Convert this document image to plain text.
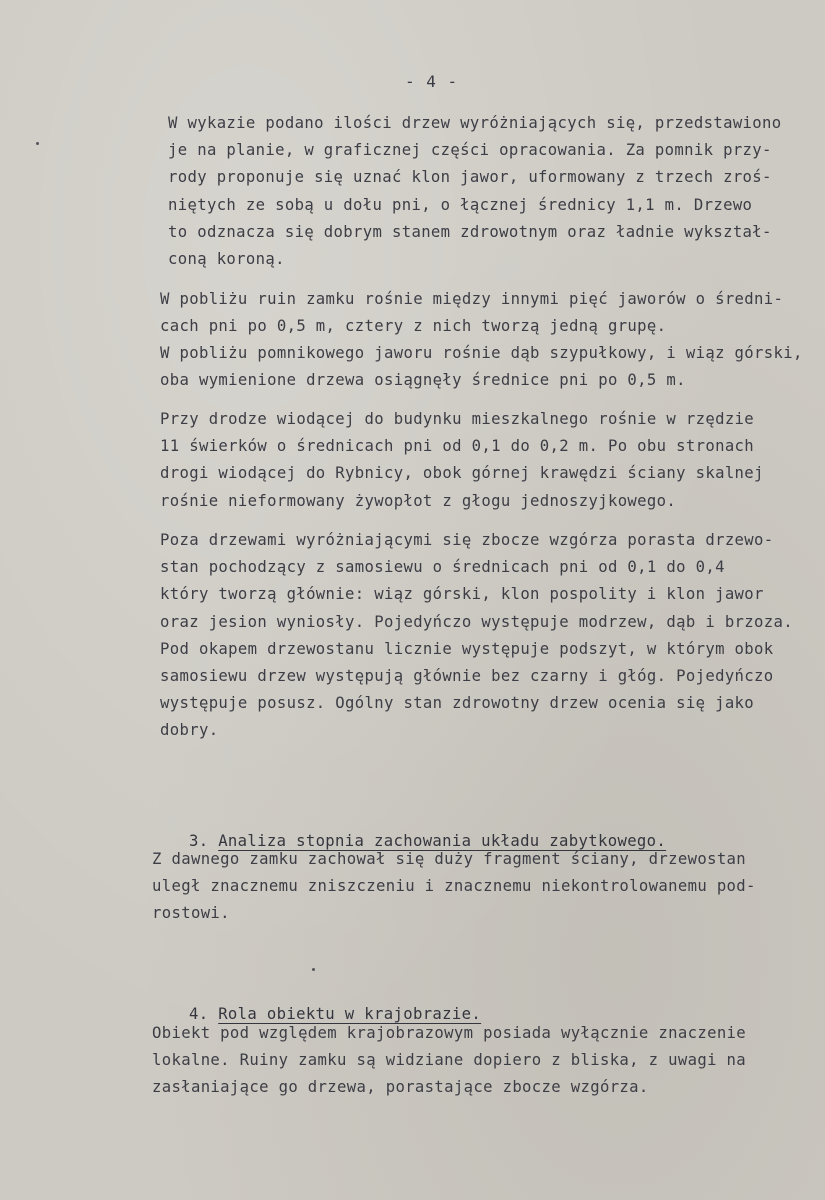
- 4 -
W wykazie podano ilości drzew wyróżniających się, przedstawiono
je na planie, w graficznej części opracowania. Za pomnik przy-
rody proponuje się uznać klon jawor, uformowany z trzech zroś-
niętych ze sobą u dołu pni, o łącznej średnicy 1,1 m. Drzewo
to odznacza się dobrym stanem zdrowotnym oraz ładnie wykształ-
coną koroną.
W pobliżu ruin zamku rośnie między innymi pięć jaworów o średni-
cach pni po 0,5 m, cztery z nich tworzą jedną grupę.
W pobliżu pomnikowego jaworu rośnie dąb szypułkowy, i wiąz górski,
oba wymienione drzewa osiągnęły średnice pni po 0,5 m.
Przy drodze wiodącej do budynku mieszkalnego rośnie w rzędzie
11 świerków o średnicach pni od 0,1 do 0,2 m. Po obu stronach
drogi wiodącej do Rybnicy, obok górnej krawędzi ściany skalnej
rośnie nieformowany żywopłot z głogu jednoszyjkowego.
Poza drzewami wyróżniającymi się zbocze wzgórza porasta drzewo-
stan pochodzący z samosiewu o średnicach pni od 0,1 do 0,4
który tworzą głównie: wiąz górski, klon pospolity i klon jawor
oraz jesion wyniosły. Pojedyńczo występuje modrzew, dąb i brzoza.
Pod okapem drzewostanu licznie występuje podszyt, w którym obok
samosiewu drzew występują głównie bez czarny i głóg. Pojedyńczo
występuje posusz. Ogólny stan zdrowotny drzew ocenia się jako
dobry.

3. Analiza stopnia zachowania układu zabytkowego.

Z dawnego zamku zachował się duży fragment ściany, drzewostan
uległ znacznemu zniszczeniu i znacznemu niekontrolowanemu pod-
rostowi.

4. Rola obiektu w krajobrazie.

Obiekt pod względem krajobrazowym posiada wyłącznie znaczenie
lokalne. Ruiny zamku są widziane dopiero z bliska, z uwagi na
zasłaniające go drzewa, porastające zbocze wzgórza.
